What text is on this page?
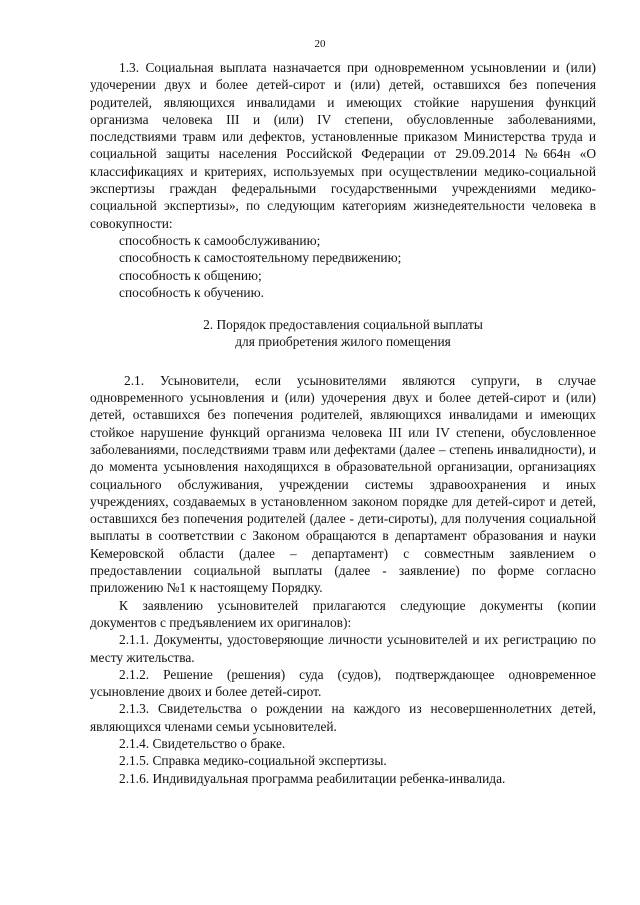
20

1.3. Социальная выплата назначается при одновременном усыновлении и (или) удочерении двух и более детей-сирот и (или) детей, оставшихся без попечения родителей, являющихся инвалидами и имеющих стойкие нарушения функций организма человека III и (или) IV степени, обусловленные заболеваниями, последствиями травм или дефектов, установленные приказом Министерства труда и социальной защиты населения Российской Федерации от 29.09.2014 №664н «О классификациях и критериях, используемых при осуществлении медико-социальной экспертизы граждан федеральными государственными учреждениями медико-социальной экспертизы», по следующим категориям жизнедеятельности человека в совокупности:

способность к самообслуживанию;

способность к самостоятельному передвижению;

способность к общению;

способность к обучению.

2. Порядок предоставления социальной выплаты
для приобретения жилого помещения

2.1. Усыновители, если усыновителями являются супруги, в случае одновременного усыновления и (или) удочерения двух и более детей-сирот и (или) детей, оставшихся без попечения родителей, являющихся инвалидами и имеющих стойкое нарушение функций организма человека III или IV степени, обусловленное заболеваниями, последствиями травм или дефектами (далее – степень инвалидности), и до момента усыновления находящихся в образовательной организации, организациях социального обслуживания, учреждении системы здравоохранения и иных учреждениях, создаваемых в установленном законом порядке для детей-сирот и детей, оставшихся без попечения родителей (далее - дети-сироты), для получения социальной выплаты в соответствии с Законом обращаются в департамент образования и науки Кемеровской области (далее – департамент) с совместным заявлением о предоставлении социальной выплаты (далее - заявление) по форме согласно приложению №1 к настоящему Порядку.

К заявлению усыновителей прилагаются следующие документы (копии документов с предъявлением их оригиналов):

2.1.1. Документы, удостоверяющие личности усыновителей и их регистрацию по месту жительства.

2.1.2. Решение (решения) суда (судов), подтверждающее одновременное усыновление двоих и более детей-сирот.

2.1.3. Свидетельства о рождении на каждого из несовершеннолетних детей, являющихся членами семьи усыновителей.

2.1.4. Свидетельство о браке.

2.1.5. Справка медико-социальной экспертизы.

2.1.6. Индивидуальная программа реабилитации ребенка-инвалида.
